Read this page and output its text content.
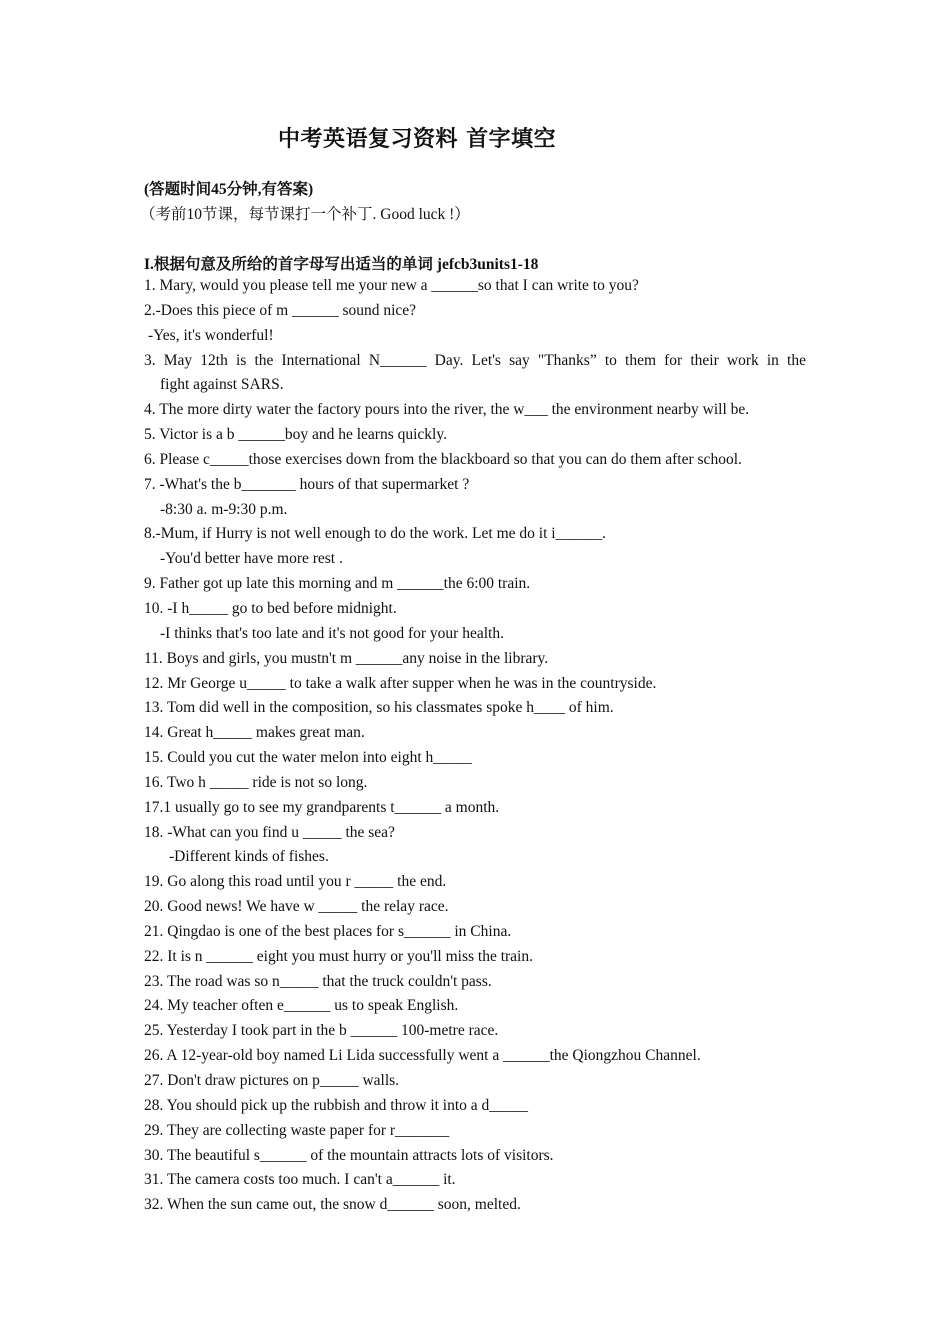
中考英语复习资料 首字填空
(答题时间45分钟,有答案)
（考前10节课，每节课打一个补丁. Good luck !）
I.根据句意及所给的首字母写出适当的单词 jefcb3units1-18
1. Mary, would you please tell me your new a ______so that I can write to you?
2.-Does this piece of m ______ sound nice?
-Yes, it's wonderful!
3. May 12th is the International N______ Day. Let's say "Thanks” to them for their work in the
fight against SARS.
4. The more dirty water the factory pours into the river, the w___ the environment nearby will be.
5. Victor is a b ______boy and he learns quickly.
6. Please c_____those exercises down from the blackboard so that you can do them after school.
7. -What's the b_______ hours of that supermarket ?
-8:30 a. m-9:30 p.m.
8.-Mum, if Hurry is not well enough to do the work. Let me do it i______.
-You'd better have more rest .
9. Father got up late this morning and m ______the 6:00 train.
10. -I h_____ go to bed before midnight.
-I thinks that's too late and it's not good for your health.
11. Boys and girls, you mustn't m ______any noise in the library.
12. Mr George u_____ to take a walk after supper when he was in the countryside.
13. Tom did well in the composition, so his classmates spoke h____ of him.
14. Great h_____ makes great man.
15. Could you cut the water melon into eight h_____
16. Two h _____ ride is not so long.
17.1 usually go to see my grandparents t______ a month.
18. -What can you find u _____ the sea?
-Different kinds of fishes.
19. Go along this road until you r _____ the end.
20. Good news! We have w _____ the relay race.
21. Qingdao is one of the best places for s______ in China.
22. It is n ______ eight you must hurry or you'll miss the train.
23. The road was so n_____ that the truck couldn't pass.
24. My teacher often e______ us to speak English.
25. Yesterday I took part in the b ______ 100-metre race.
26. A 12-year-old boy named Li Lida successfully went a ______the Qiongzhou Channel.
27. Don't draw pictures on p_____ walls.
28. You should pick up the rubbish and throw it into a d_____
29. They are collecting waste paper for r_______
30. The beautiful s______ of the mountain attracts lots of visitors.
31. The camera costs too much. I can't a______ it.
32. When the sun came out, the snow d______ soon, melted.
